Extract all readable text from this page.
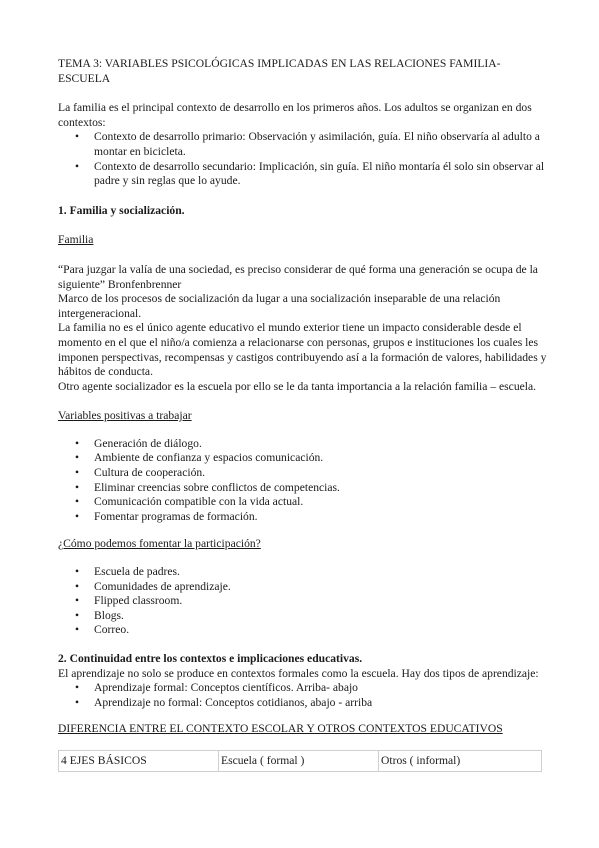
TEMA 3: VARIABLES PSICOLÓGICAS IMPLICADAS EN LAS RELACIONES FAMILIA-ESCUELA

La familia es el principal contexto de desarrollo en los primeros años. Los adultos se organizan en dos contextos:

• Contexto de desarrollo primario: Observación y asimilación, guía. El niño observaría al adulto a montar en bicicleta.
• Contexto de desarrollo secundario: Implicación, sin guía. El niño montaría él solo sin observar al padre y sin reglas que lo ayude.

1. Familia y socialización.

Familia

“Para juzgar la valía de una sociedad, es preciso considerar de qué forma una generación se ocupa de la siguiente” Bronfenbrenner

Marco de los procesos de socialización da lugar a una socialización inseparable de una relación intergeneracional.

La familia no es el único agente educativo el mundo exterior tiene un impacto considerable desde el momento en el que el niño/a comienza a relacionarse con personas, grupos e instituciones los cuales les imponen perspectivas, recompensas y castigos contribuyendo así a la formación de valores, habilidades y hábitos de conducta.

Otro agente socializador es la escuela por ello se le da tanta importancia a la relación familia – escuela.

Variables positivas a trabajar

• Generación de diálogo.
• Ambiente de confianza y espacios comunicación.
• Cultura de cooperación.
• Eliminar creencias sobre conflictos de competencias.
• Comunicación compatible con la vida actual.
• Fomentar programas de formación.

¿Cómo podemos fomentar la participación?

• Escuela de padres.
• Comunidades de aprendizaje.
• Flipped classroom.
• Blogs.
• Correo.

2. Continuidad entre los contextos e implicaciones educativas.

El aprendizaje no solo se produce en contextos formales como la escuela. Hay dos tipos de aprendizaje:

• Aprendizaje formal: Conceptos científicos. Arriba- abajo
• Aprendizaje no formal: Conceptos cotidianos, abajo - arriba

DIFERENCIA ENTRE EL CONTEXTO ESCOLAR Y OTROS CONTEXTOS EDUCATIVOS

4 EJES BÁSICOS	Escuela ( formal )	Otros ( informal)
